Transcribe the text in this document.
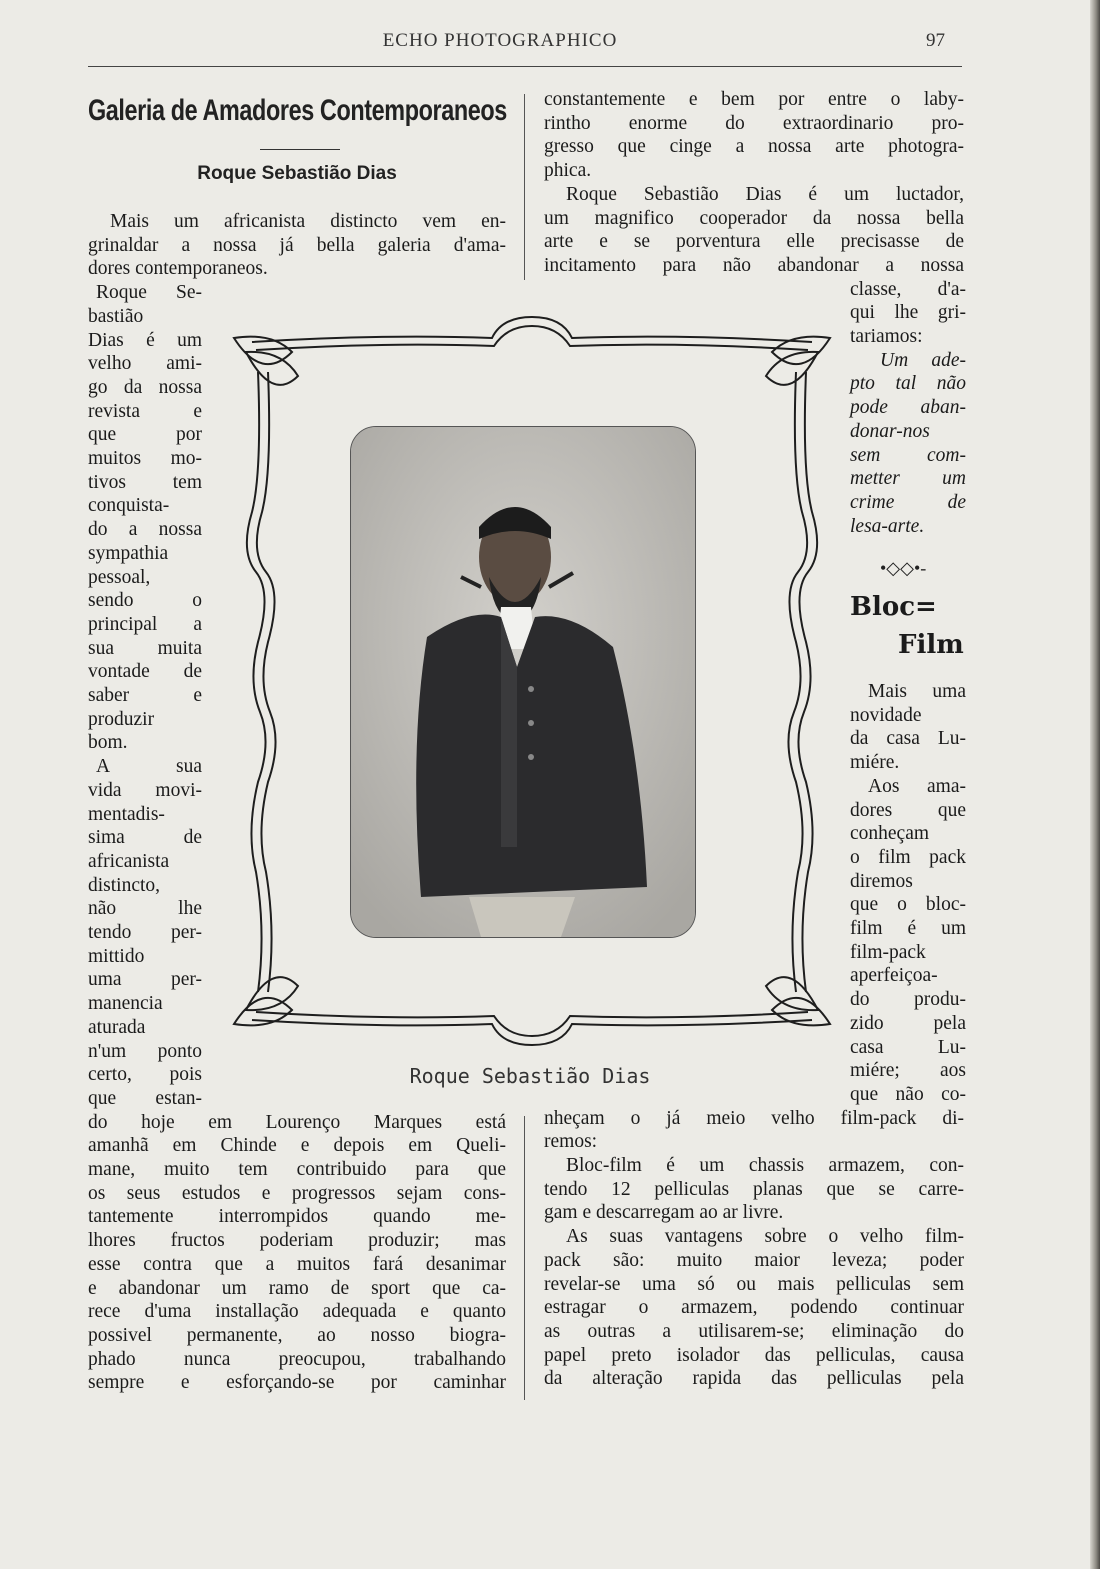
ECHO PHOTOGRAPHICO	97
Galeria de Amadores Contemporaneos
Roque Sebastião Dias
Mais um africanista distincto vem en-
grinaldar a nossa já bella galeria d'ama-
dores contemporaneos.
Roque Se-
bastião
Dias é um
velho ami-
go da nossa
revista e
que por
muitos mo-
tivos tem
conquista-
do a nossa
sympathia
pessoal,
sendo o
principal a
sua muita
vontade de
saber e
produzir
bom.
A sua
vida movi-
mentadis-
sima de
africanista
distincto,
não lhe
tendo per-
mittido
uma per-
manencia
aturada
n'um ponto
certo, pois
que estan-
do hoje em Lourenço Marques está
amanhã em Chinde e depois em Queli-
mane, muito tem contribuido para que
os seus estudos e progressos sejam cons-
tantemente interrompidos quando me-
lhores fructos poderiam produzir; mas
esse contra que a muitos fará desanimar
e abandonar um ramo de sport que ca-
rece d'uma installação adequada e quanto
possivel permanente, ao nosso biogra-
phado nunca preocupou, trabalhando
sempre e esforçando-se por caminhar
constantemente e bem por entre o laby-
rintho enorme do extraordinario pro-
gresso que cinge a nossa arte photogra-
phica.
Roque Sebastião Dias é um luctador,
um magnifico cooperador da nossa bella
arte e se porventura elle precisasse de
incitamento para não abandonar a nossa
classe, d'a-
qui lhe gri-
tariamos:
Um ade-
pto tal não
pode aban-
donar-nos
sem com-
metter um
crime de
lesa-arte.
Mais uma
novidade
da casa Lu-
miére.
Aos ama-
dores que
conheçam
o film pack
diremos
que o bloc-
film é um
film-pack
aperfeiçoa-
do produ-
zido pela
casa Lu-
miére; aos
que não co-
nheçam o já meio velho film-pack di-
remos:
Bloc-film é um chassis armazem, con-
tendo 12 pelliculas planas que se carre-
gam e descarregam ao ar livre.
As suas vantagens sobre o velho film-
pack são: muito maior leveza; poder
revelar-se uma só ou mais pelliculas sem
estragar o armazem, podendo continuar
as outras a utilisarem-se; eliminação do
papel preto isolador das pelliculas, causa
da alteração rapida das pelliculas pela
Roque Sebastião Dias
•◇◇•-
Bloc=
Film
